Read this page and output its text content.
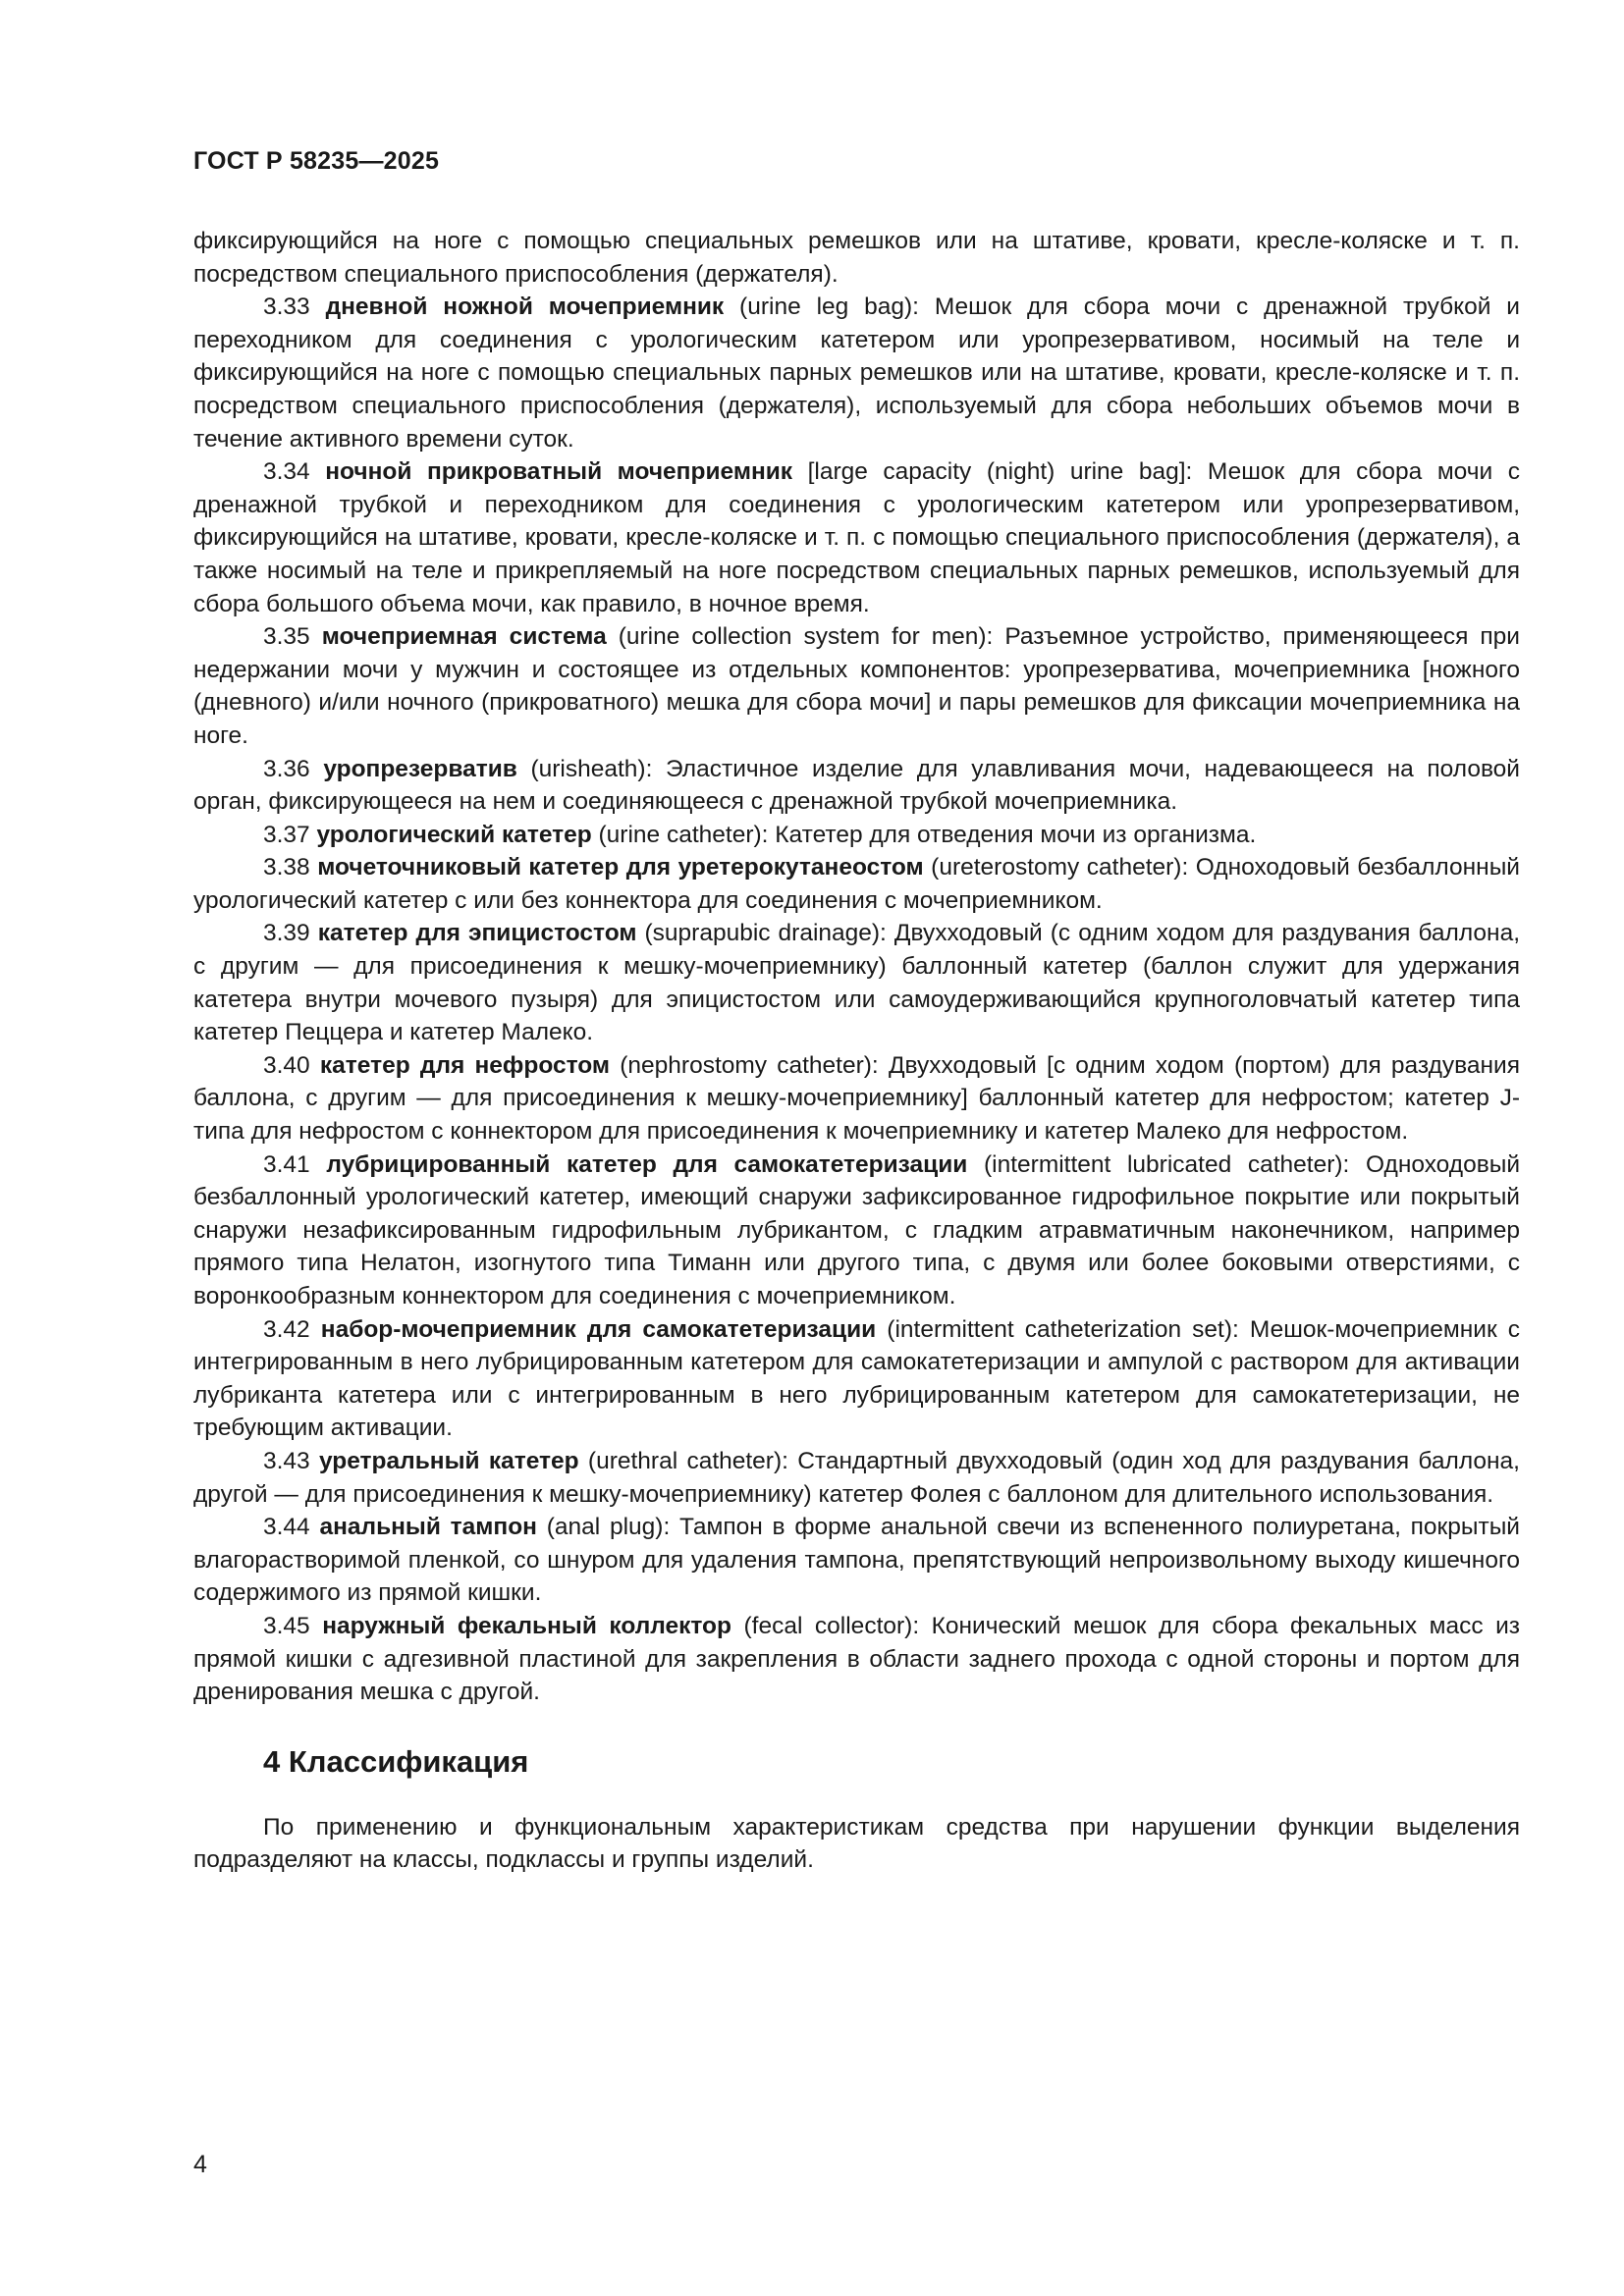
ГОСТ Р 58235—2025

фиксирующийся на ноге с помощью специальных ремешков или на штативе, кровати, кресле-коляске и т. п. посредством специального приспособления (держателя).

3.33 дневной ножной мочеприемник (urine leg bag): Мешок для сбора мочи с дренажной трубкой и переходником для соединения с урологическим катетером или уропрезервативом, носимый на теле и фиксирующийся на ноге с помощью специальных парных ремешков или на штативе, кровати, кресле-коляске и т. п. посредством специального приспособления (держателя), используемый для сбора небольших объемов мочи в течение активного времени суток.

3.34 ночной прикроватный мочеприемник [large capacity (night) urine bag]: Мешок для сбора мочи с дренажной трубкой и переходником для соединения с урологическим катетером или уропрезервативом, фиксирующийся на штативе, кровати, кресле-коляске и т. п. с помощью специального приспособления (держателя), а также носимый на теле и прикрепляемый на ноге посредством специальных парных ремешков, используемый для сбора большого объема мочи, как правило, в ночное время.

3.35 мочеприемная система (urine collection system for men): Разъемное устройство, применяющееся при недержании мочи у мужчин и состоящее из отдельных компонентов: уропрезерватива, мочеприемника [ножного (дневного) и/или ночного (прикроватного) мешка для сбора мочи] и пары ремешков для фиксации мочеприемника на ноге.

3.36 уропрезерватив (urisheath): Эластичное изделие для улавливания мочи, надевающееся на половой орган, фиксирующееся на нем и соединяющееся с дренажной трубкой мочеприемника.

3.37 урологический катетер (urine catheter): Катетер для отведения мочи из организма.

3.38 мочеточниковый катетер для уретерокутанеостом (ureterostomy catheter): Одноходовый безбаллонный урологический катетер с или без коннектора для соединения с мочеприемником.

3.39 катетер для эпицистостом (suprapubic drainage): Двухходовый (с одним ходом для раздувания баллона, с другим — для присоединения к мешку-мочеприемнику) баллонный катетер (баллон служит для удержания катетера внутри мочевого пузыря) для эпицистостом или самоудерживающийся крупноголовчатый катетер типа катетер Пеццера и катетер Малеко.

3.40 катетер для нефростом (nephrostomy catheter): Двухходовый [с одним ходом (портом) для раздувания баллона, с другим — для присоединения к мешку-мочеприемнику] баллонный катетер для нефростом; катетер J-типа для нефростом с коннектором для присоединения к мочеприемнику и катетер Малеко для нефростом.

3.41 лубрицированный катетер для самокатетеризации (intermittent lubricated catheter): Одноходовый безбаллонный урологический катетер, имеющий снаружи зафиксированное гидрофильное покрытие или покрытый снаружи незафиксированным гидрофильным лубрикантом, с гладким атравматичным наконечником, например прямого типа Нелатон, изогнутого типа Тиманн или другого типа, с двумя или более боковыми отверстиями, с воронкообразным коннектором для соединения с мочеприемником.

3.42 набор-мочеприемник для самокатетеризации (intermittent catheterization set): Мешок-мочеприемник с интегрированным в него лубрицированным катетером для самокатетеризации и ампулой с раствором для активации лубриканта катетера или с интегрированным в него лубрицированным катетером для самокатетеризации, не требующим активации.

3.43 уретральный катетер (urethral catheter): Стандартный двухходовый (один ход для раздувания баллона, другой — для присоединения к мешку-мочеприемнику) катетер Фолея с баллоном для длительного использования.

3.44 анальный тампон (anal plug): Тампон в форме анальной свечи из вспененного полиуретана, покрытый влагорастворимой пленкой, со шнуром для удаления тампона, препятствующий непроизвольному выходу кишечного содержимого из прямой кишки.

3.45 наружный фекальный коллектор (fecal collector): Конический мешок для сбора фекальных масс из прямой кишки с адгезивной пластиной для закрепления в области заднего прохода с одной стороны и портом для дренирования мешка с другой.

4 Классификация

По применению и функциональным характеристикам средства при нарушении функции выделения подразделяют на классы, подклассы и группы изделий.

4
